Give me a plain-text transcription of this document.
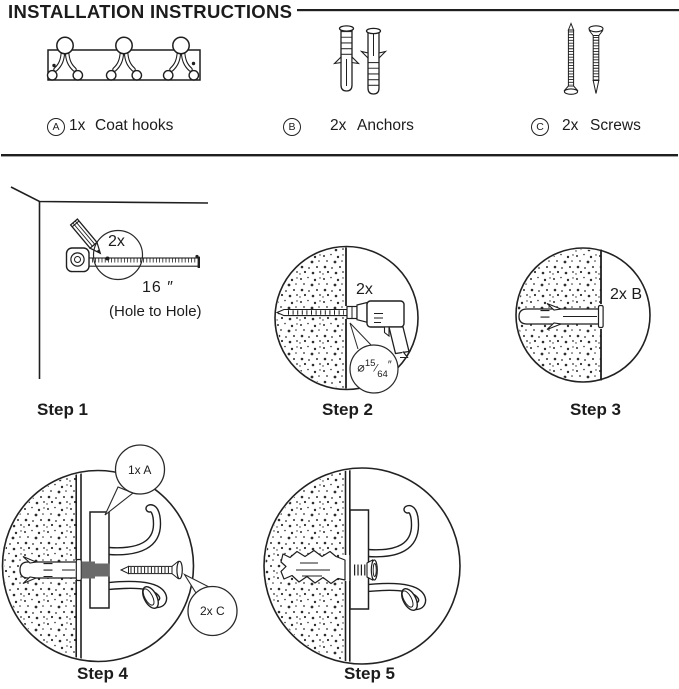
INSTALLATION INSTRUCTIONS
A 1x Coat hooks	B	2x Anchors	C	2x Screws
2x
16 ″
(Hole to Hole)
Step 1
2x
$⌀^{15}⁄_{64}''$
Step 2
2x B
Step 3
1x A
2x C
Step 4	Step 5
